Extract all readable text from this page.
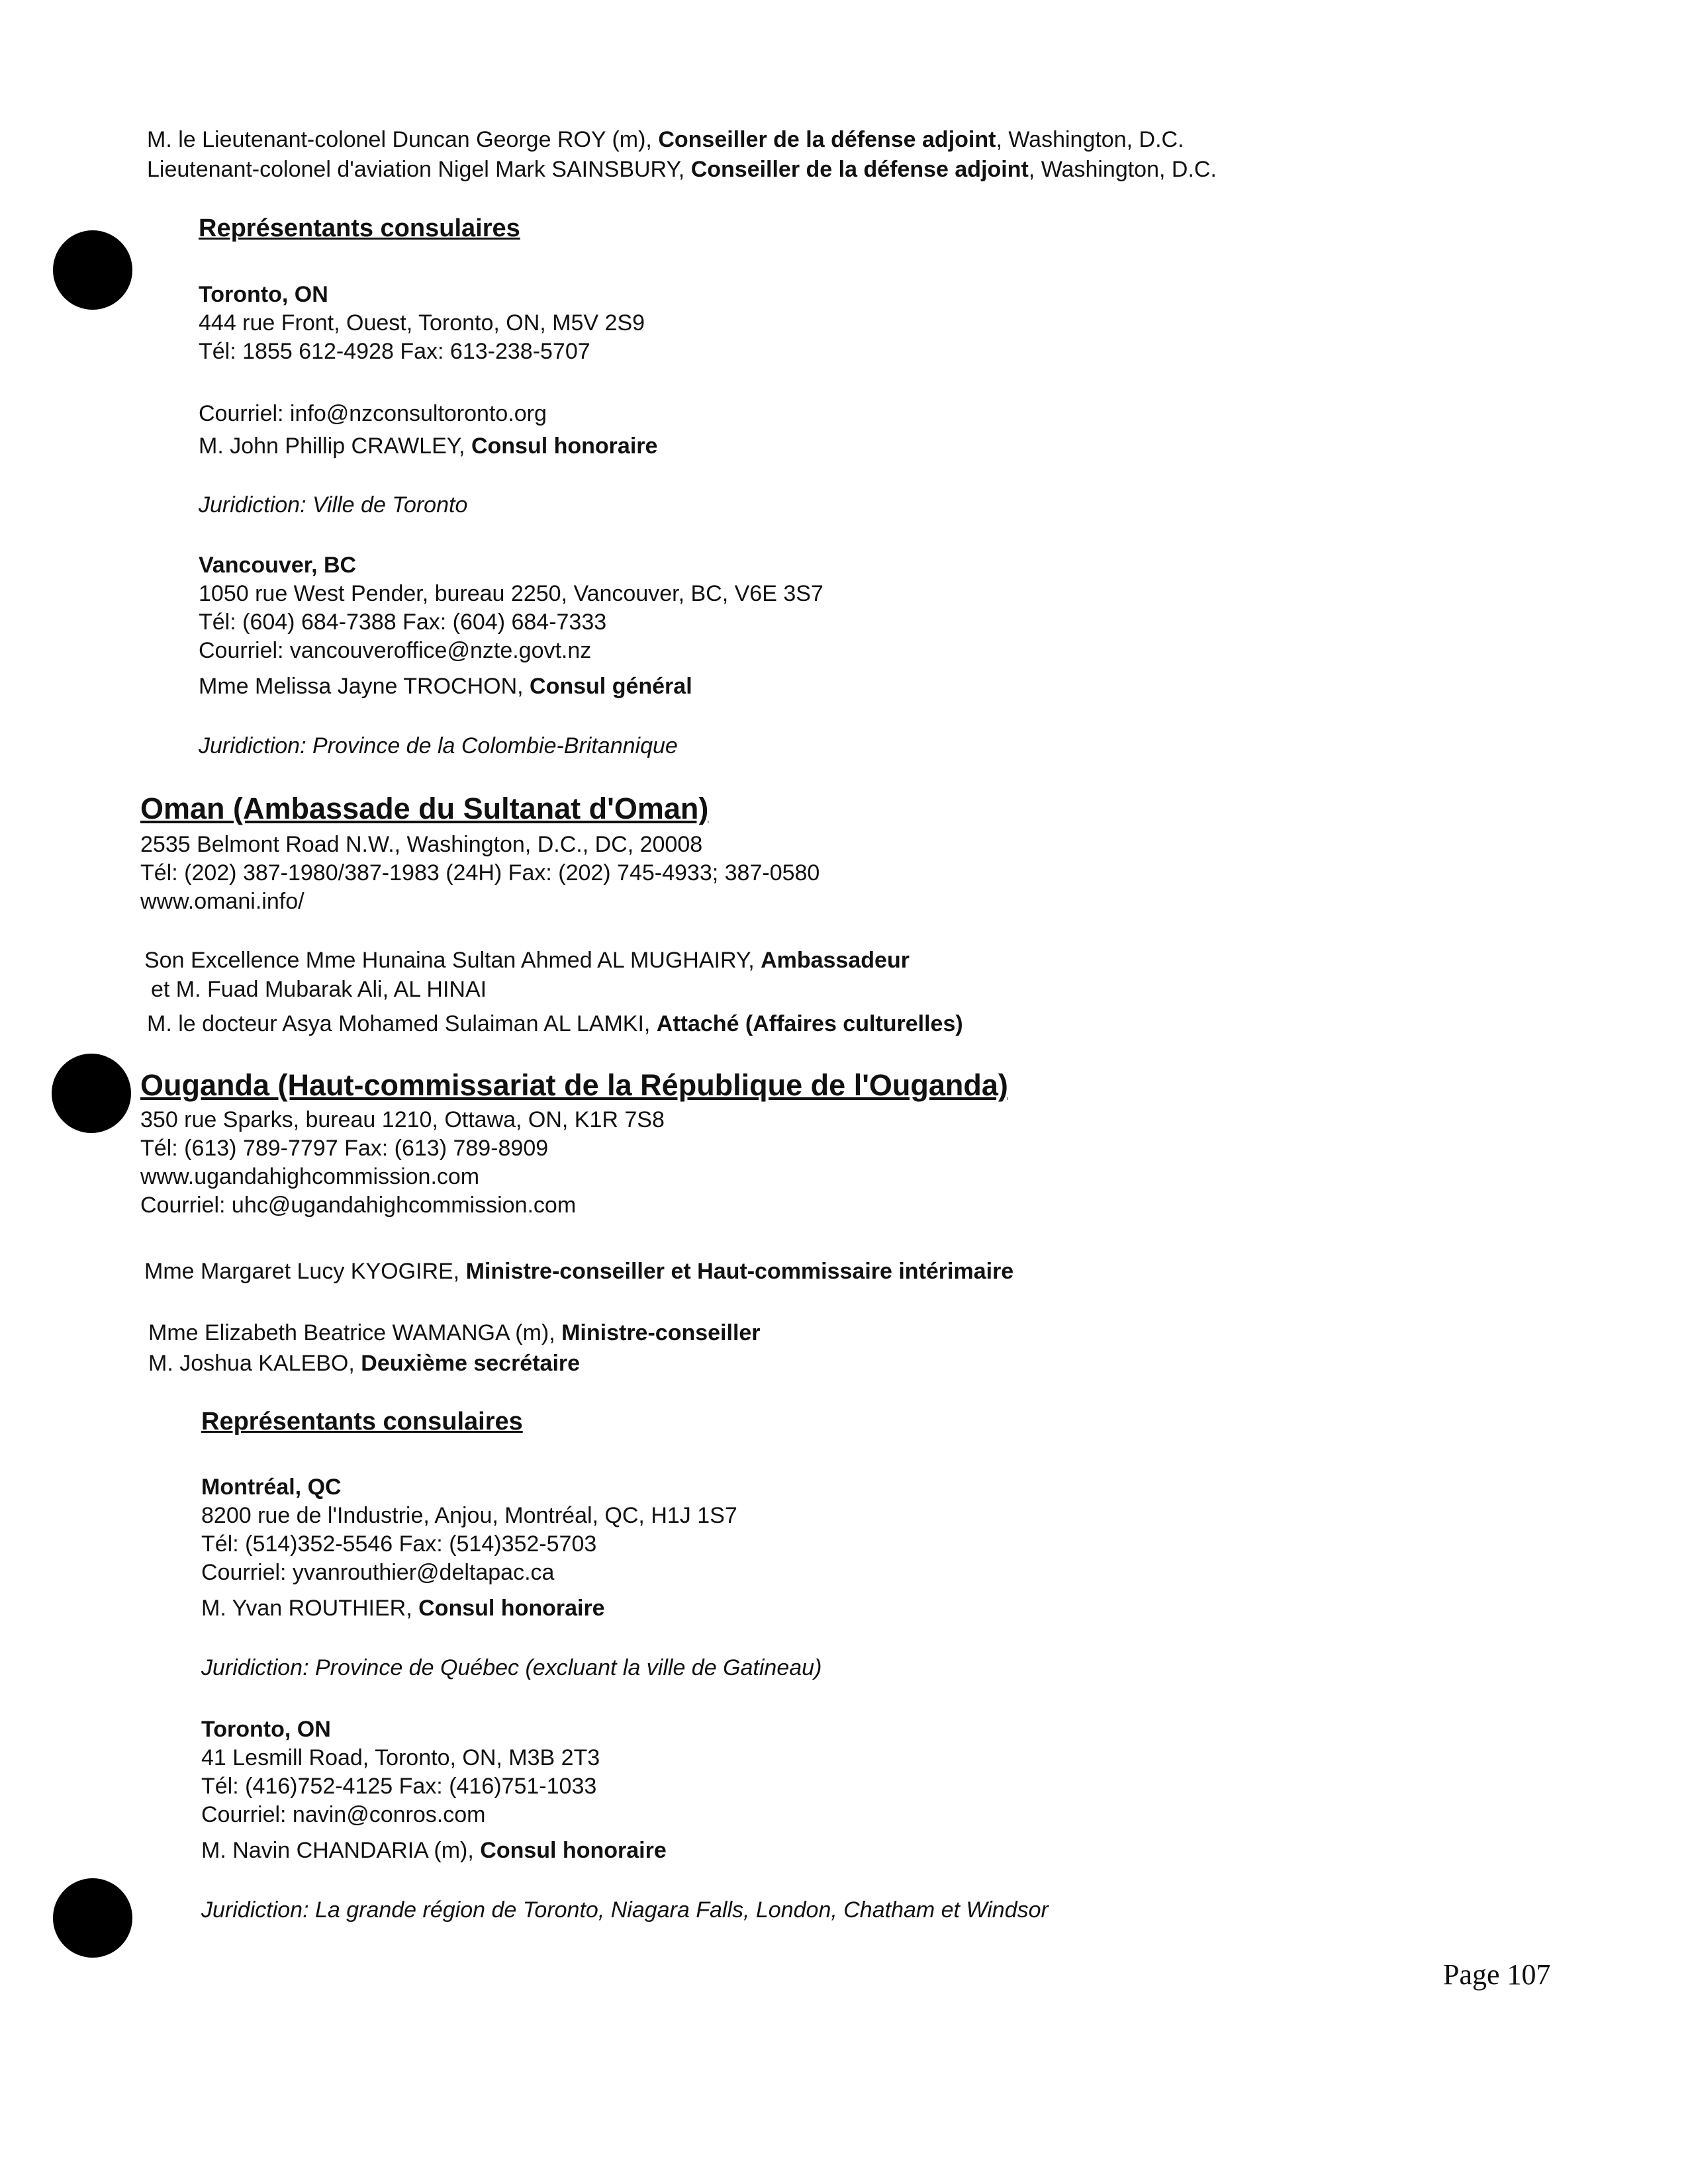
M. le Lieutenant-colonel Duncan George ROY (m), Conseiller de la défense adjoint, Washington, D.C.
Lieutenant-colonel d'aviation Nigel Mark SAINSBURY, Conseiller de la défense adjoint, Washington, D.C.
Représentants consulaires
Toronto, ON
444 rue Front, Ouest, Toronto, ON, M5V 2S9
Tél: 1855 612-4928 Fax: 613-238-5707
Courriel: info@nzconsultoronto.org
M. John Phillip CRAWLEY, Consul honoraire
Juridiction: Ville de Toronto
Vancouver, BC
1050 rue West Pender, bureau 2250, Vancouver, BC, V6E 3S7
Tél: (604) 684-7388 Fax: (604) 684-7333
Courriel: vancouveroffice@nzte.govt.nz
Mme Melissa Jayne TROCHON, Consul général
Juridiction: Province de la Colombie-Britannique
Oman (Ambassade du Sultanat d'Oman)
2535 Belmont Road N.W., Washington, D.C., DC, 20008
Tél: (202) 387-1980/387-1983 (24H) Fax: (202) 745-4933; 387-0580
www.omani.info/
Son Excellence Mme Hunaina Sultan Ahmed AL MUGHAIRY, Ambassadeur
et M. Fuad Mubarak Ali, AL HINAI
M. le docteur Asya Mohamed Sulaiman AL LAMKI, Attaché (Affaires culturelles)
Ouganda (Haut-commissariat de la République de l'Ouganda)
350 rue Sparks, bureau 1210, Ottawa, ON, K1R 7S8
Tél: (613) 789-7797 Fax: (613) 789-8909
www.ugandahighcommission.com
Courriel: uhc@ugandahighcommission.com
Mme Margaret Lucy KYOGIRE, Ministre-conseiller et Haut-commissaire intérimaire
Mme Elizabeth Beatrice WAMANGA (m), Ministre-conseiller
M. Joshua KALEBO, Deuxième secrétaire
Représentants consulaires
Montréal, QC
8200 rue de l'Industrie, Anjou, Montréal, QC, H1J 1S7
Tél: (514)352-5546 Fax: (514)352-5703
Courriel: yvanrouthier@deltapac.ca
M. Yvan ROUTHIER, Consul honoraire
Juridiction: Province de Québec (excluant la ville de Gatineau)
Toronto, ON
41 Lesmill Road, Toronto, ON, M3B 2T3
Tél: (416)752-4125 Fax: (416)751-1033
Courriel: navin@conros.com
M. Navin CHANDARIA (m), Consul honoraire
Juridiction: La grande région de Toronto, Niagara Falls, London, Chatham et Windsor
Page 107
